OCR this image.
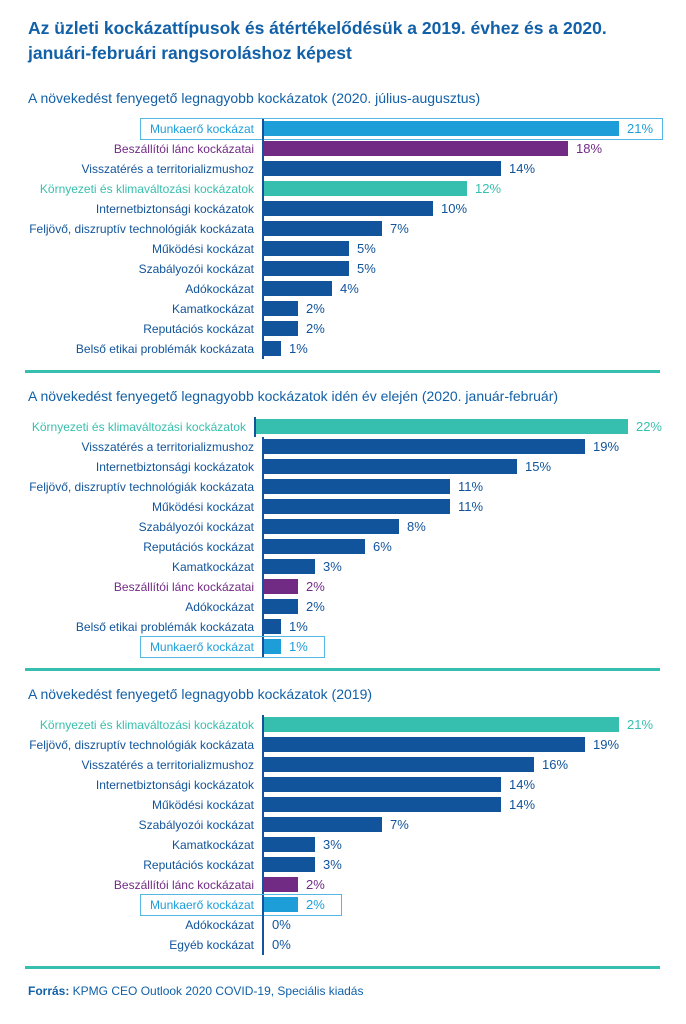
Az üzleti kockázattípusok és átértékelődésük a 2019. évhez és a 2020. januári-februári rangsoroláshoz képest
A növekedést fenyegető legnagyobb kockázatok (2020. július-augusztus)
Munkaerő kockázat	21%
Beszállítói lánc kockázatai	18%
Visszatérés a territorializmushoz	14%
Környezeti és klimaváltozási kockázatok	12%
Internetbiztonsági kockázatok	10%
Feljövő, diszruptív technológiák kockázata	7%
Működési kockázat	5%
Szabályozói kockázat	5%
Adókockázat	4%
Kamatkockázat	2%
Reputációs kockázat	2%
Belső etikai problémák kockázata	1%
A növekedést fenyegető legnagyobb kockázatok idén év elején (2020. január-február)
Környezeti és klimaváltozási kockázatok	22%
Visszatérés a territorializmushoz	19%
Internetbiztonsági kockázatok	15%
Feljövő, diszruptív technológiák kockázata	11%
Működési kockázat	11%
Szabályozói kockázat	8%
Reputációs kockázat	6%
Kamatkockázat	3%
Beszállítói lánc kockázatai	2%
Adókockázat	2%
Belső etikai problémák kockázata	1%
Munkaerő kockázat	1%
A növekedést fenyegető legnagyobb kockázatok (2019)
Környezeti és klimaváltozási kockázatok	21%
Feljövő, diszruptív technológiák kockázata	19%
Visszatérés a territorializmushoz	16%
Internetbiztonsági kockázatok	14%
Működési kockázat	14%
Szabályozói kockázat	7%
Kamatkockázat	3%
Reputációs kockázat	3%
Beszállítói lánc kockázatai	2%
Munkaerő kockázat	2%
Adókockázat	0%
Egyéb kockázat	0%

Forrás: KPMG CEO Outlook 2020 COVID-19, Speciális kiadás
